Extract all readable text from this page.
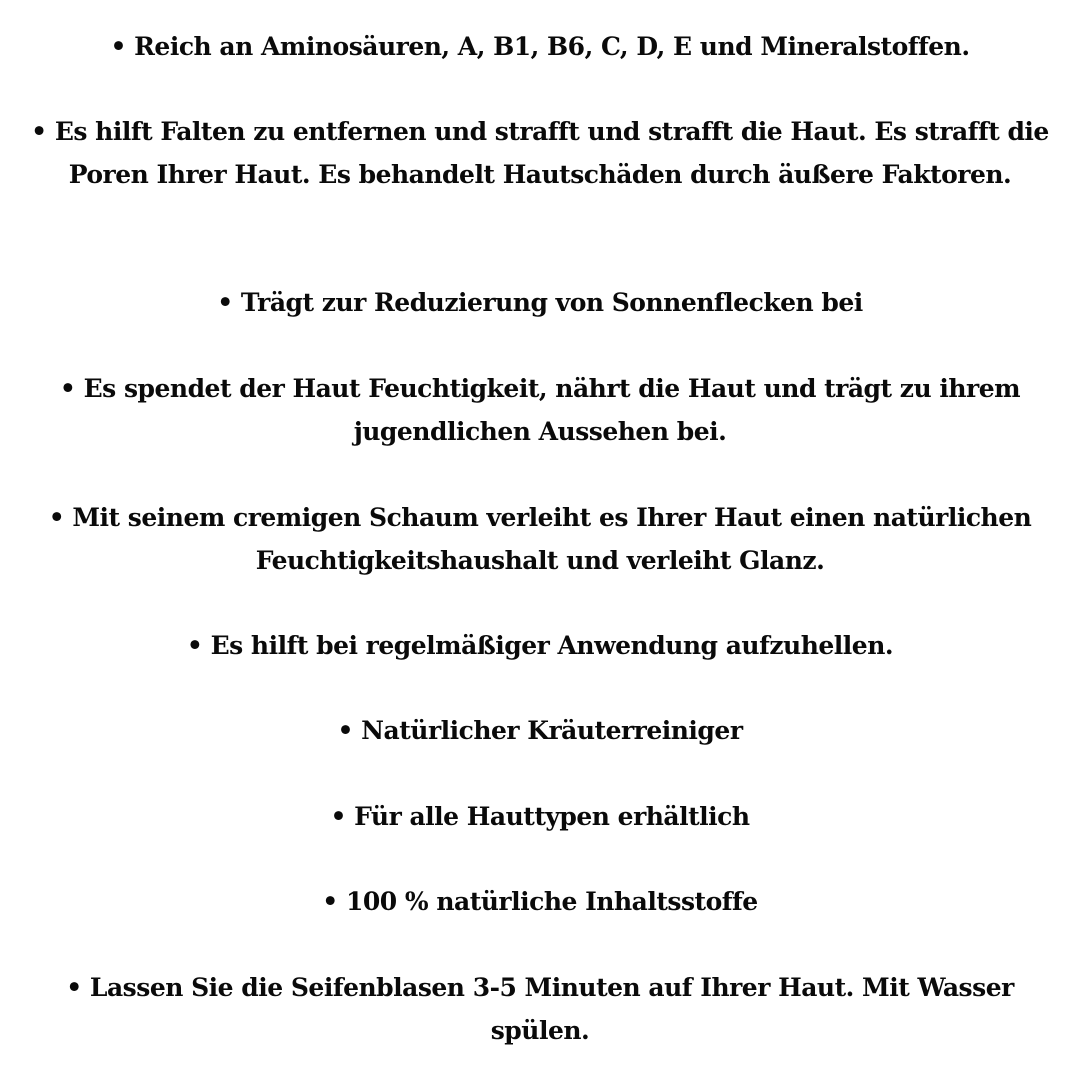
• Reich an Aminosäuren, A, B1, B6, C, D, E und Mineralstoffen.

• Es hilft Falten zu entfernen und strafft und strafft die Haut. Es strafft die Poren Ihrer Haut. Es behandelt Hautschäden durch äußere Faktoren.

• Trägt zur Reduzierung von Sonnenflecken bei

• Es spendet der Haut Feuchtigkeit, nährt die Haut und trägt zu ihrem jugendlichen Aussehen bei.

• Mit seinem cremigen Schaum verleiht es Ihrer Haut einen natürlichen Feuchtigkeitshaushalt und verleiht Glanz.

• Es hilft bei regelmäßiger Anwendung aufzuhellen.

• Natürlicher Kräuterreiniger

• Für alle Hauttypen erhältlich

• 100 % natürliche Inhaltsstoffe

• Lassen Sie die Seifenblasen 3-5 Minuten auf Ihrer Haut. Mit Wasser spülen.
